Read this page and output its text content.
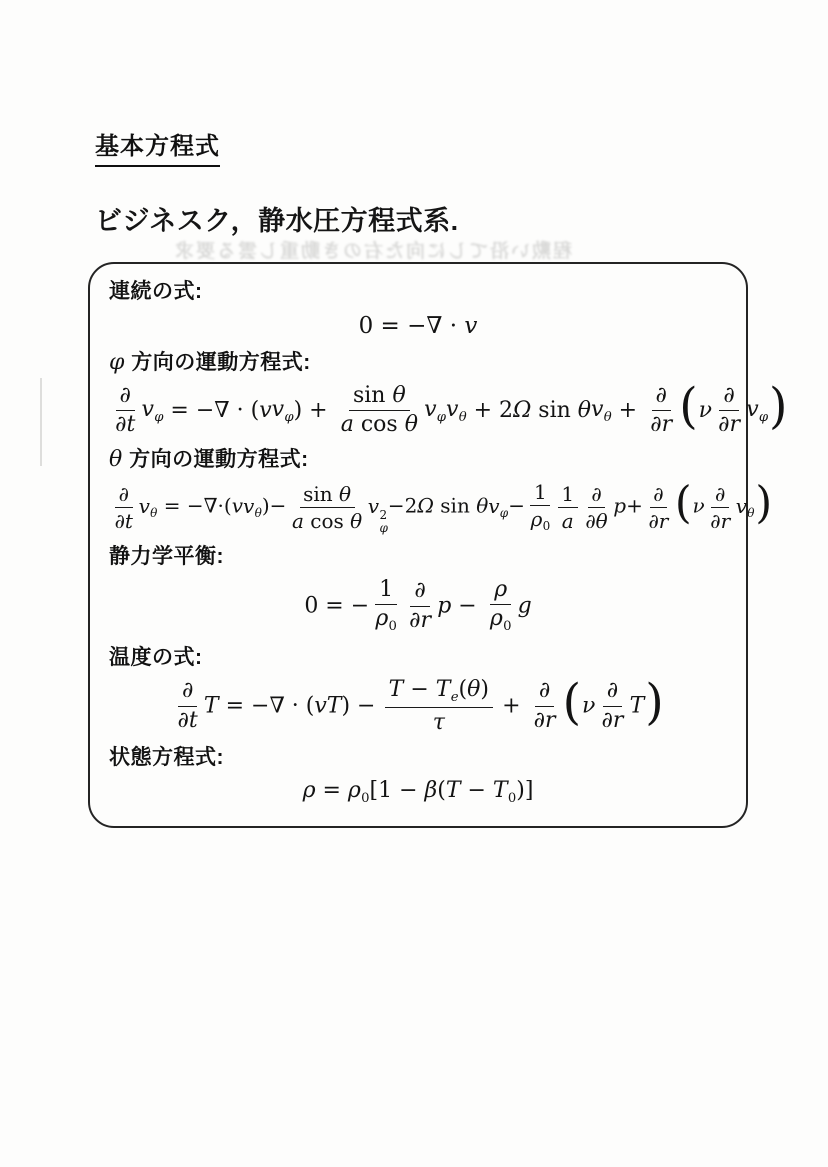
基本方程式
ビジネスク，静水圧方程式系.
程勲い沿てしに向た右のき動重し雲る要求
連続の式:
0 = −∇ · v
φ 方向の運動方程式:
$\frac{\partial}{\partial t} v_\varphi$ = −∇ · $(vv_\varphi) + \frac{\text{sin θ}}{\text{a cos θ}} v_\varphi v_\theta + 2\Omega$ $\sin \theta v_\theta + \frac{\partial}{\partial r} (\nu \frac{\partial}{\partial r} v_\varphi)$
θ 方向の運動方程式:
$\frac{\partial}{\partial t} v_\theta = -\nabla\cdot(vv_\theta)- \frac{\text{sin θ}}{\text{a cos θ}}$ v 2
φ
−2Ω $\sin \theta v_\varphi- \frac{1}{\rho_0} \frac{1}{a} \frac{\partial}{\partial\theta} p+ \frac{\partial}{\partial r} (\nu \frac{\partial}{\partial r} v_\theta)$
静力学平衡:
0 = − $\frac{1}{\rho_0} \frac{\partial}{\partial r}$ $p - \frac{\rho}{\rho_0}$ g
温度の式:
$\frac{\partial}{\partial t}$ T = −∇ · $(vT) - \frac{T - T_e(\theta)}{\tau} + \frac{\partial}{\partial r} (\nu \frac{\partial}{\partial r} T)$
状態方程式:
$\rho = \rho_0[1 - \beta(T - T_0)]$
